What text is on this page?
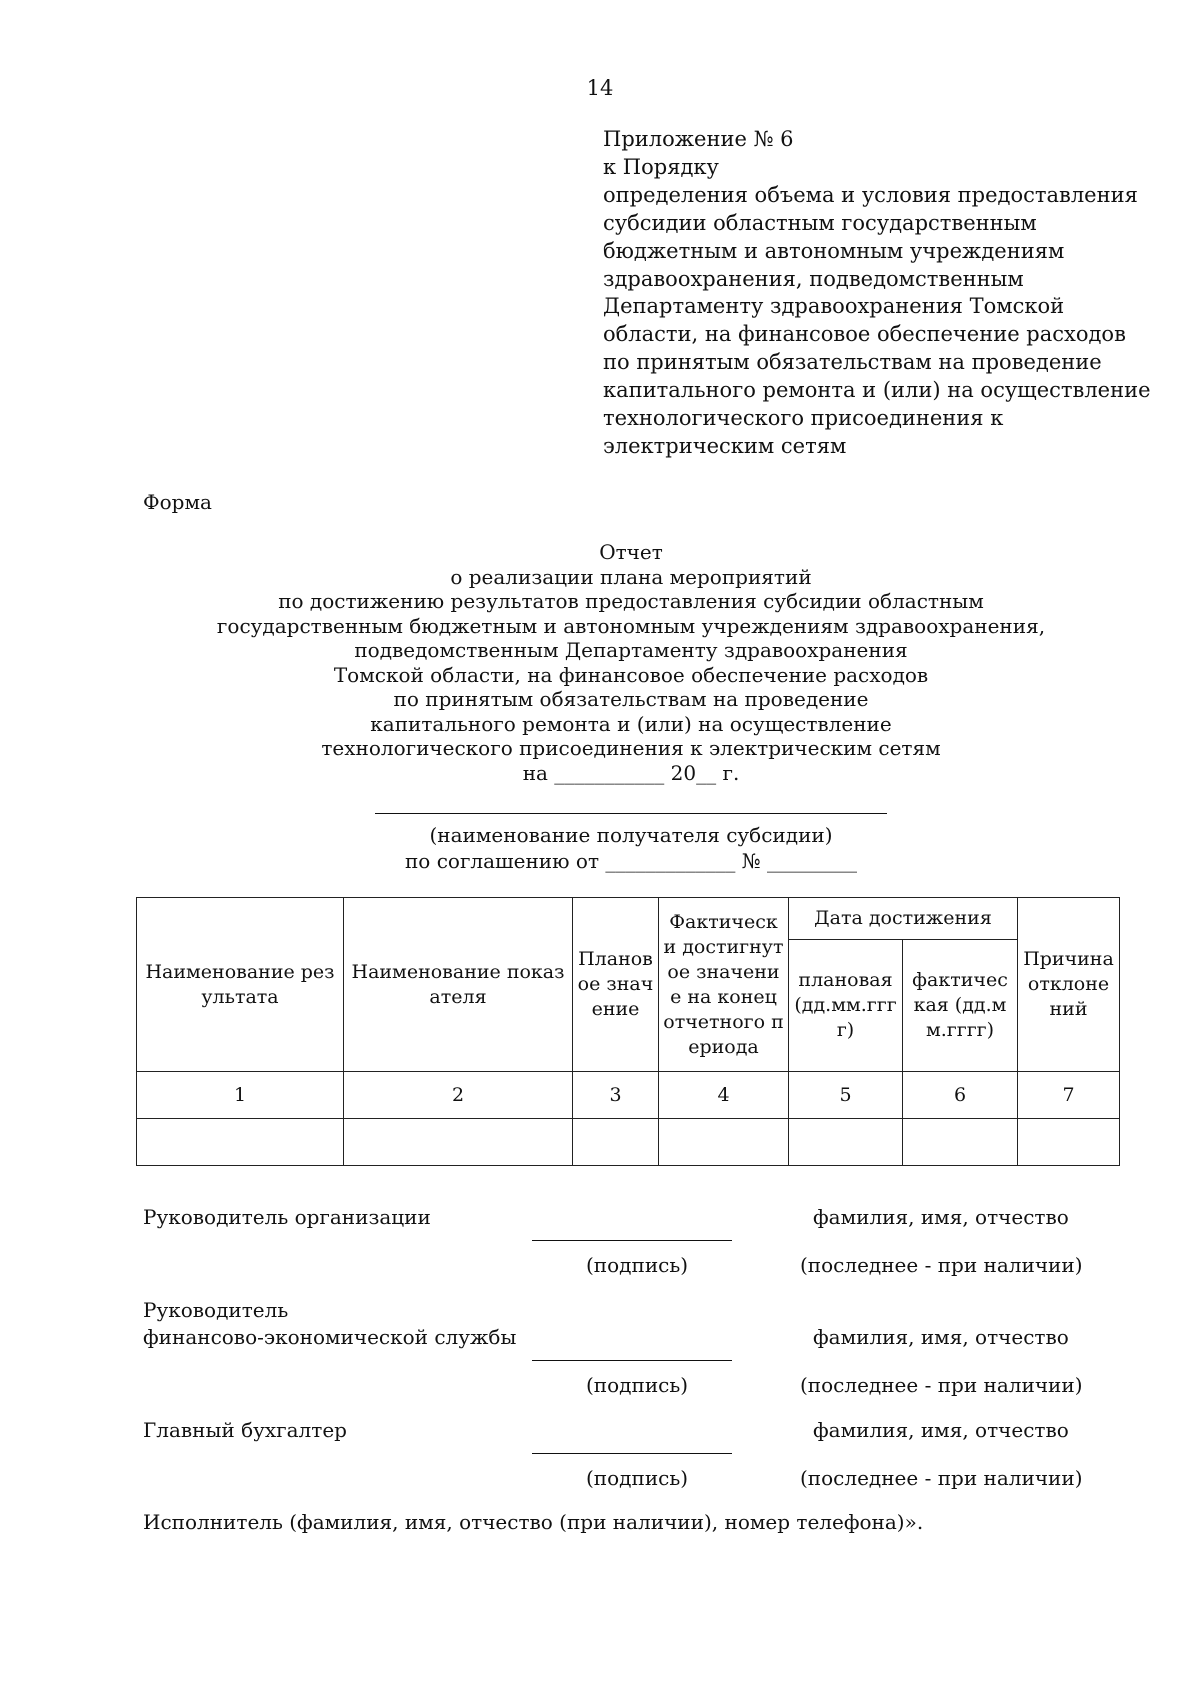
14
Приложение № 6
к Порядку
определения объема и условия предоставления
субсидии областным государственным
бюджетным и автономным учреждениям
здравоохранения, подведомственным
Департаменту здравоохранения Томской
области, на финансовое обеспечение расходов
по принятым обязательствам на проведение
капитального ремонта и (или) на осуществление
технологического присоединения к
электрическим сетям
Форма
Отчет
о реализации плана мероприятий
по достижению результатов предоставления субсидии областным
государственным бюджетным и автономным учреждениям здравоохранения,
подведомственным Департаменту здравоохранения
Томской области, на финансовое обеспечение расходов
по принятым обязательствам на проведение
капитального ремонта и (или) на осуществление
технологического присоединения к электрическим сетям
на ___________ 20__ г.
(наименование получателя субсидии)
по соглашению от _____________ № _________
Наименование результата	Наименование показателя	Плановое значение	Фактически достигнутое значение на конец отчетного периода	Дата достижения		Причина отклонений
				плановая (дд.мм.гггг)	фактическая (дд.мм.гггг)	
1	2	3	4	5	6	7

Руководитель организации	фамилия, имя, отчество
(подпись)	(последнее - при наличии)
Руководитель
финансово-экономической службы	фамилия, имя, отчество
(подпись)	(последнее - при наличии)
Главный бухгалтер	фамилия, имя, отчество
(подпись)	(последнее - при наличии)
Исполнитель (фамилия, имя, отчество (при наличии), номер телефона)».
